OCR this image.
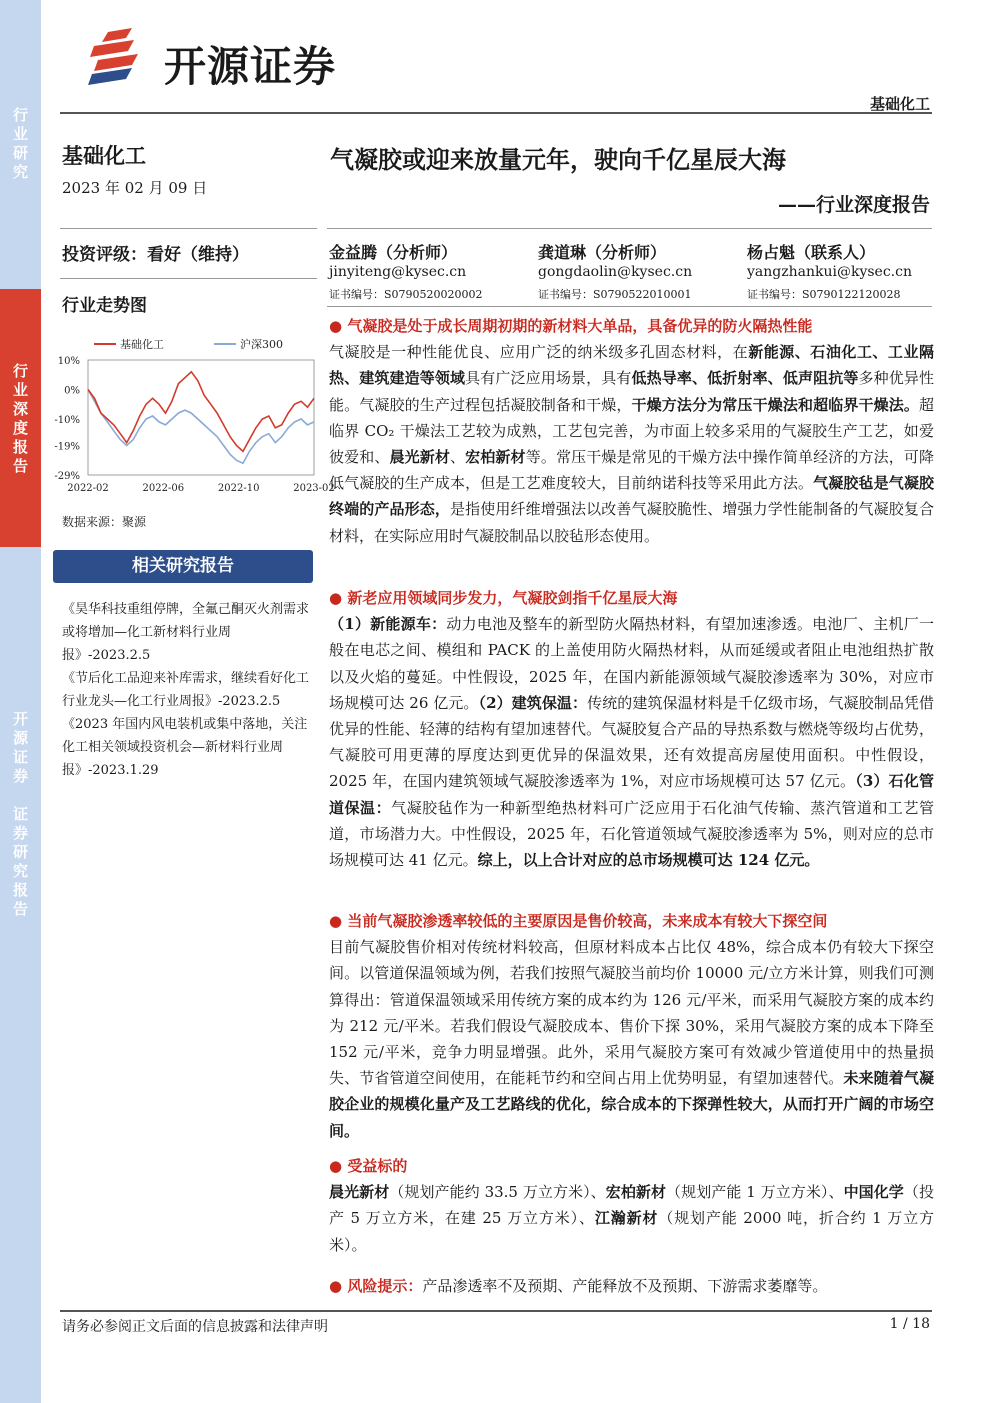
行
业
研
究
行
业
深
度
报
告
开
源
证
券

证
券
研
究
报
告
开源证券
基础化工
基础化工
2023 年 02 月 09 日
投资评级：看好（维持）
行业走势图
10%
0%
-10%
-19%
-29%
2022-02	2022-06	2022-10	2023-02
基础化工	沪深300
数据来源：聚源
相关研究报告

《昊华科技重组停牌，全氟己酮灭火剂需求或将增加—化工新材料行业周报》-2023.2.5

《节后化工品迎来补库需求，继续看好化工行业龙头—化工行业周报》-2023.2.5

《2023 年国内风电装机或集中落地，关注化工相关领域投资机会—新材料行业周报》-2023.1.29

气凝胶或迎来放量元年，驶向千亿星辰大海
——行业深度报告
金益腾（分析师）
jinyiteng@kysec.cn
证书编号：S0790520020002
龚道琳（分析师）
gongdaolin@kysec.cn
证书编号：S0790522010001
杨占魁（联系人）
yangzhankui@kysec.cn
证书编号：S0790122120028

● 气凝胶是处于成长周期初期的新材料大单品，具备优异的防火隔热性能

气凝胶是一种性能优良、应用广泛的纳米级多孔固态材料，在新能源、石油化工、工业隔热、建筑建造等领域具有广泛应用场景，具有低热导率、低折射率、低声阻抗等多种优异性能。气凝胶的生产过程包括凝胶制备和干燥，干燥方法分为常压干燥法和超临界干燥法。超临界 CO₂ 干燥法工艺较为成熟，工艺包完善，为市面上较多采用的气凝胶生产工艺，如爱彼爱和、晨光新材、宏柏新材等。常压干燥是常见的干燥方法中操作简单经济的方法，可降低气凝胶的生产成本，但是工艺难度较大，目前纳诺科技等采用此方法。气凝胶毡是气凝胶终端的产品形态，是指使用纤维增强法以改善气凝胶脆性、增强力学性能制备的气凝胶复合材料，在实际应用时气凝胶制品以胶毡形态使用。

● 新老应用领域同步发力，气凝胶剑指千亿星辰大海

（1）新能源车：动力电池及整车的新型防火隔热材料，有望加速渗透。电池厂、主机厂一般在电芯之间、模组和 PACK 的上盖使用防火隔热材料，从而延缓或者阻止电池组热扩散以及火焰的蔓延。中性假设，2025 年，在国内新能源领域气凝胶渗透率为 30%，对应市场规模可达 26 亿元。（2）建筑保温：传统的建筑保温材料是千亿级市场，气凝胶制品凭借优异的性能、轻薄的结构有望加速替代。气凝胶复合产品的导热系数与燃烧等级均占优势，气凝胶可用更薄的厚度达到更优异的保温效果，还有效提高房屋使用面积。中性假设，2025 年，在国内建筑领域气凝胶渗透率为 1%，对应市场规模可达 57 亿元。（3）石化管道保温：气凝胶毡作为一种新型绝热材料可广泛应用于石化油气传输、蒸汽管道和工艺管道，市场潜力大。中性假设，2025 年，石化管道领域气凝胶渗透率为 5%，则对应的总市场规模可达 41 亿元。综上，以上合计对应的总市场规模可达 124 亿元。

● 当前气凝胶渗透率较低的主要原因是售价较高，未来成本有较大下探空间

目前气凝胶售价相对传统材料较高，但原材料成本占比仅 48%，综合成本仍有较大下探空间。以管道保温领域为例，若我们按照气凝胶当前均价 10000 元/立方米计算，则我们可测算得出：管道保温领域采用传统方案的成本约为 126 元/平米，而采用气凝胶方案的成本约为 212 元/平米。若我们假设气凝胶成本、售价下探 30%，采用气凝胶方案的成本下降至 152 元/平米，竞争力明显增强。此外，采用气凝胶方案可有效减少管道使用中的热量损失、节省管道空间使用，在能耗节约和空间占用上优势明显，有望加速替代。未来随着气凝胶企业的规模化量产及工艺路线的优化，综合成本的下探弹性较大，从而打开广阔的市场空间。

● 受益标的

晨光新材（规划产能约 33.5 万立方米）、宏柏新材（规划产能 1 万立方米）、中国化学（投产 5 万立方米，在建 25 万立方米）、江瀚新材（规划产能 2000 吨，折合约 1 万立方米）。

● 风险提示：产品渗透率不及预期、产能释放不及预期、下游需求萎靡等。

请务必参阅正文后面的信息披露和法律声明	1 / 18
